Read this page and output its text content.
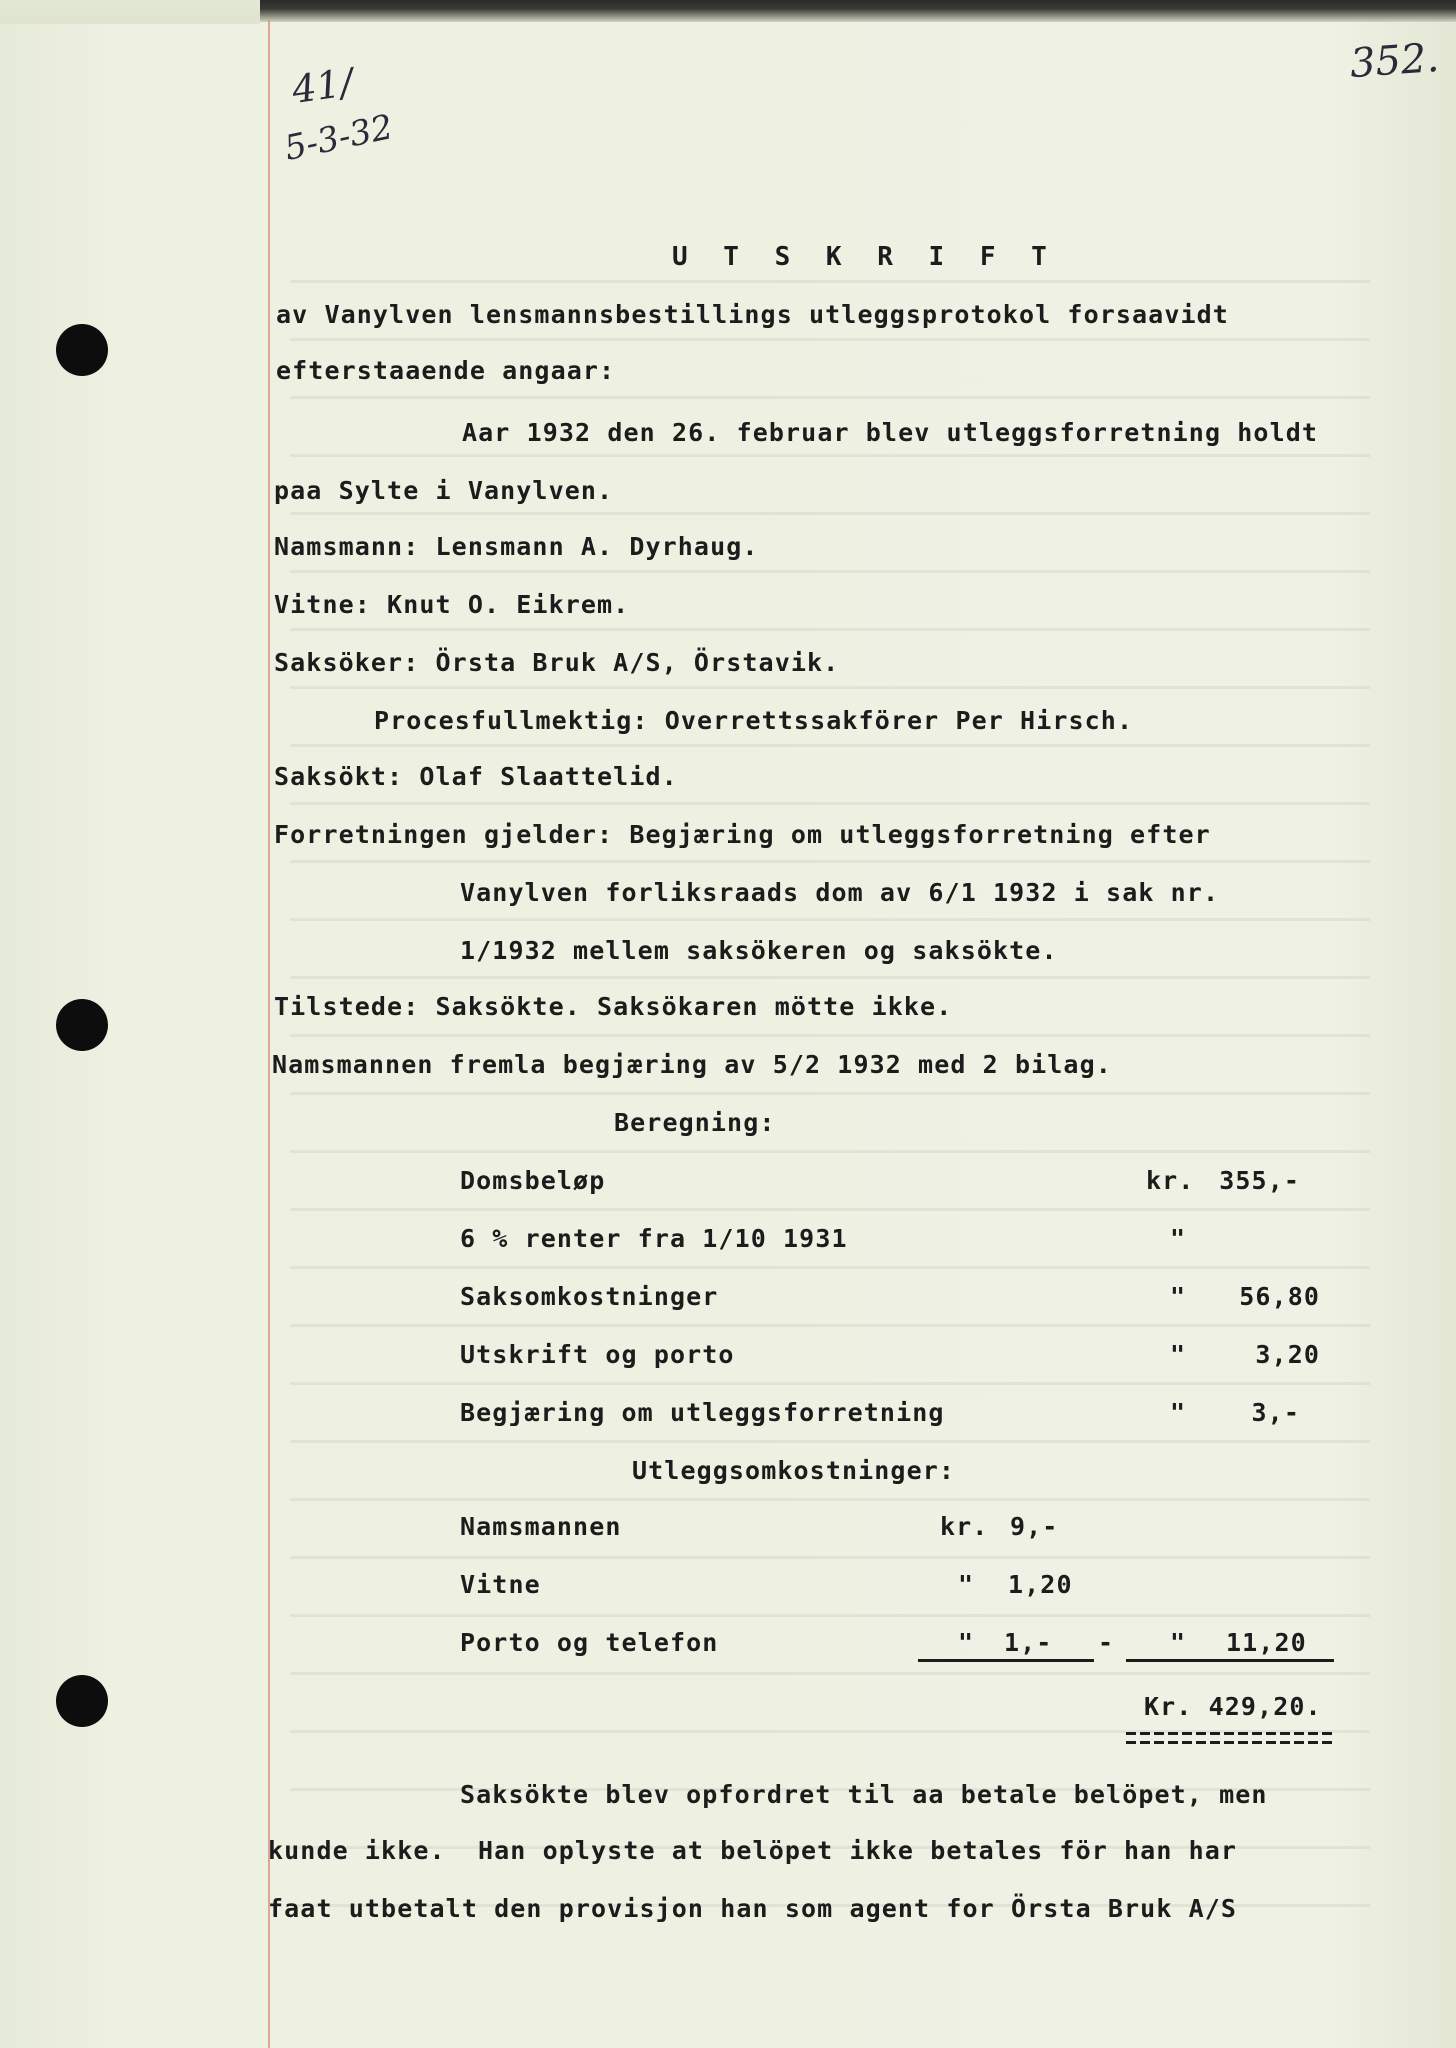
41/
5-3-32
352.
U T S K R I F T
av Vanylven lensmannsbestillings utleggsprotokol forsaavidt
efterstaaende angaar:
Aar 1932 den 26. februar blev utleggsforretning holdt
paa Sylte i Vanylven.
Namsmann: Lensmann A. Dyrhaug.
Vitne: Knut O. Eikrem.
Saksöker: Örsta Bruk A/S, Örstavik.
Procesfullmektig: Overrettssakförer Per Hirsch.
Saksökt: Olaf Slaattelid.
Forretningen gjelder: Begjæring om utleggsforretning efter
Vanylven forliksraads dom av 6/1 1932 i sak nr.
1/1932 mellem saksökeren og saksökte.
Tilstede: Saksökte. Saksökaren mötte ikke.
Namsmannen fremla begjæring av 5/2 1932 med 2 bilag.
Beregning:
Domsbeløp	kr. 355,-
6 % renter fra 1/10 1931	"
Saksomkostninger	"	56,80
Utskrift og porto	"	3,20
Begjæring om utleggsforretning	"	3,-
Utleggsomkostninger:
Namsmannen	kr. 9,-
Vitne	" 1,20
Porto og telefon	" 1,- - " 11,20
Kr. 429,20.
Saksökte blev opfordret til aa betale belöpet, men
kunde ikke.  Han oplyste at belöpet ikke betales för han har
faat utbetalt den provisjon han som agent for Örsta Bruk A/S
